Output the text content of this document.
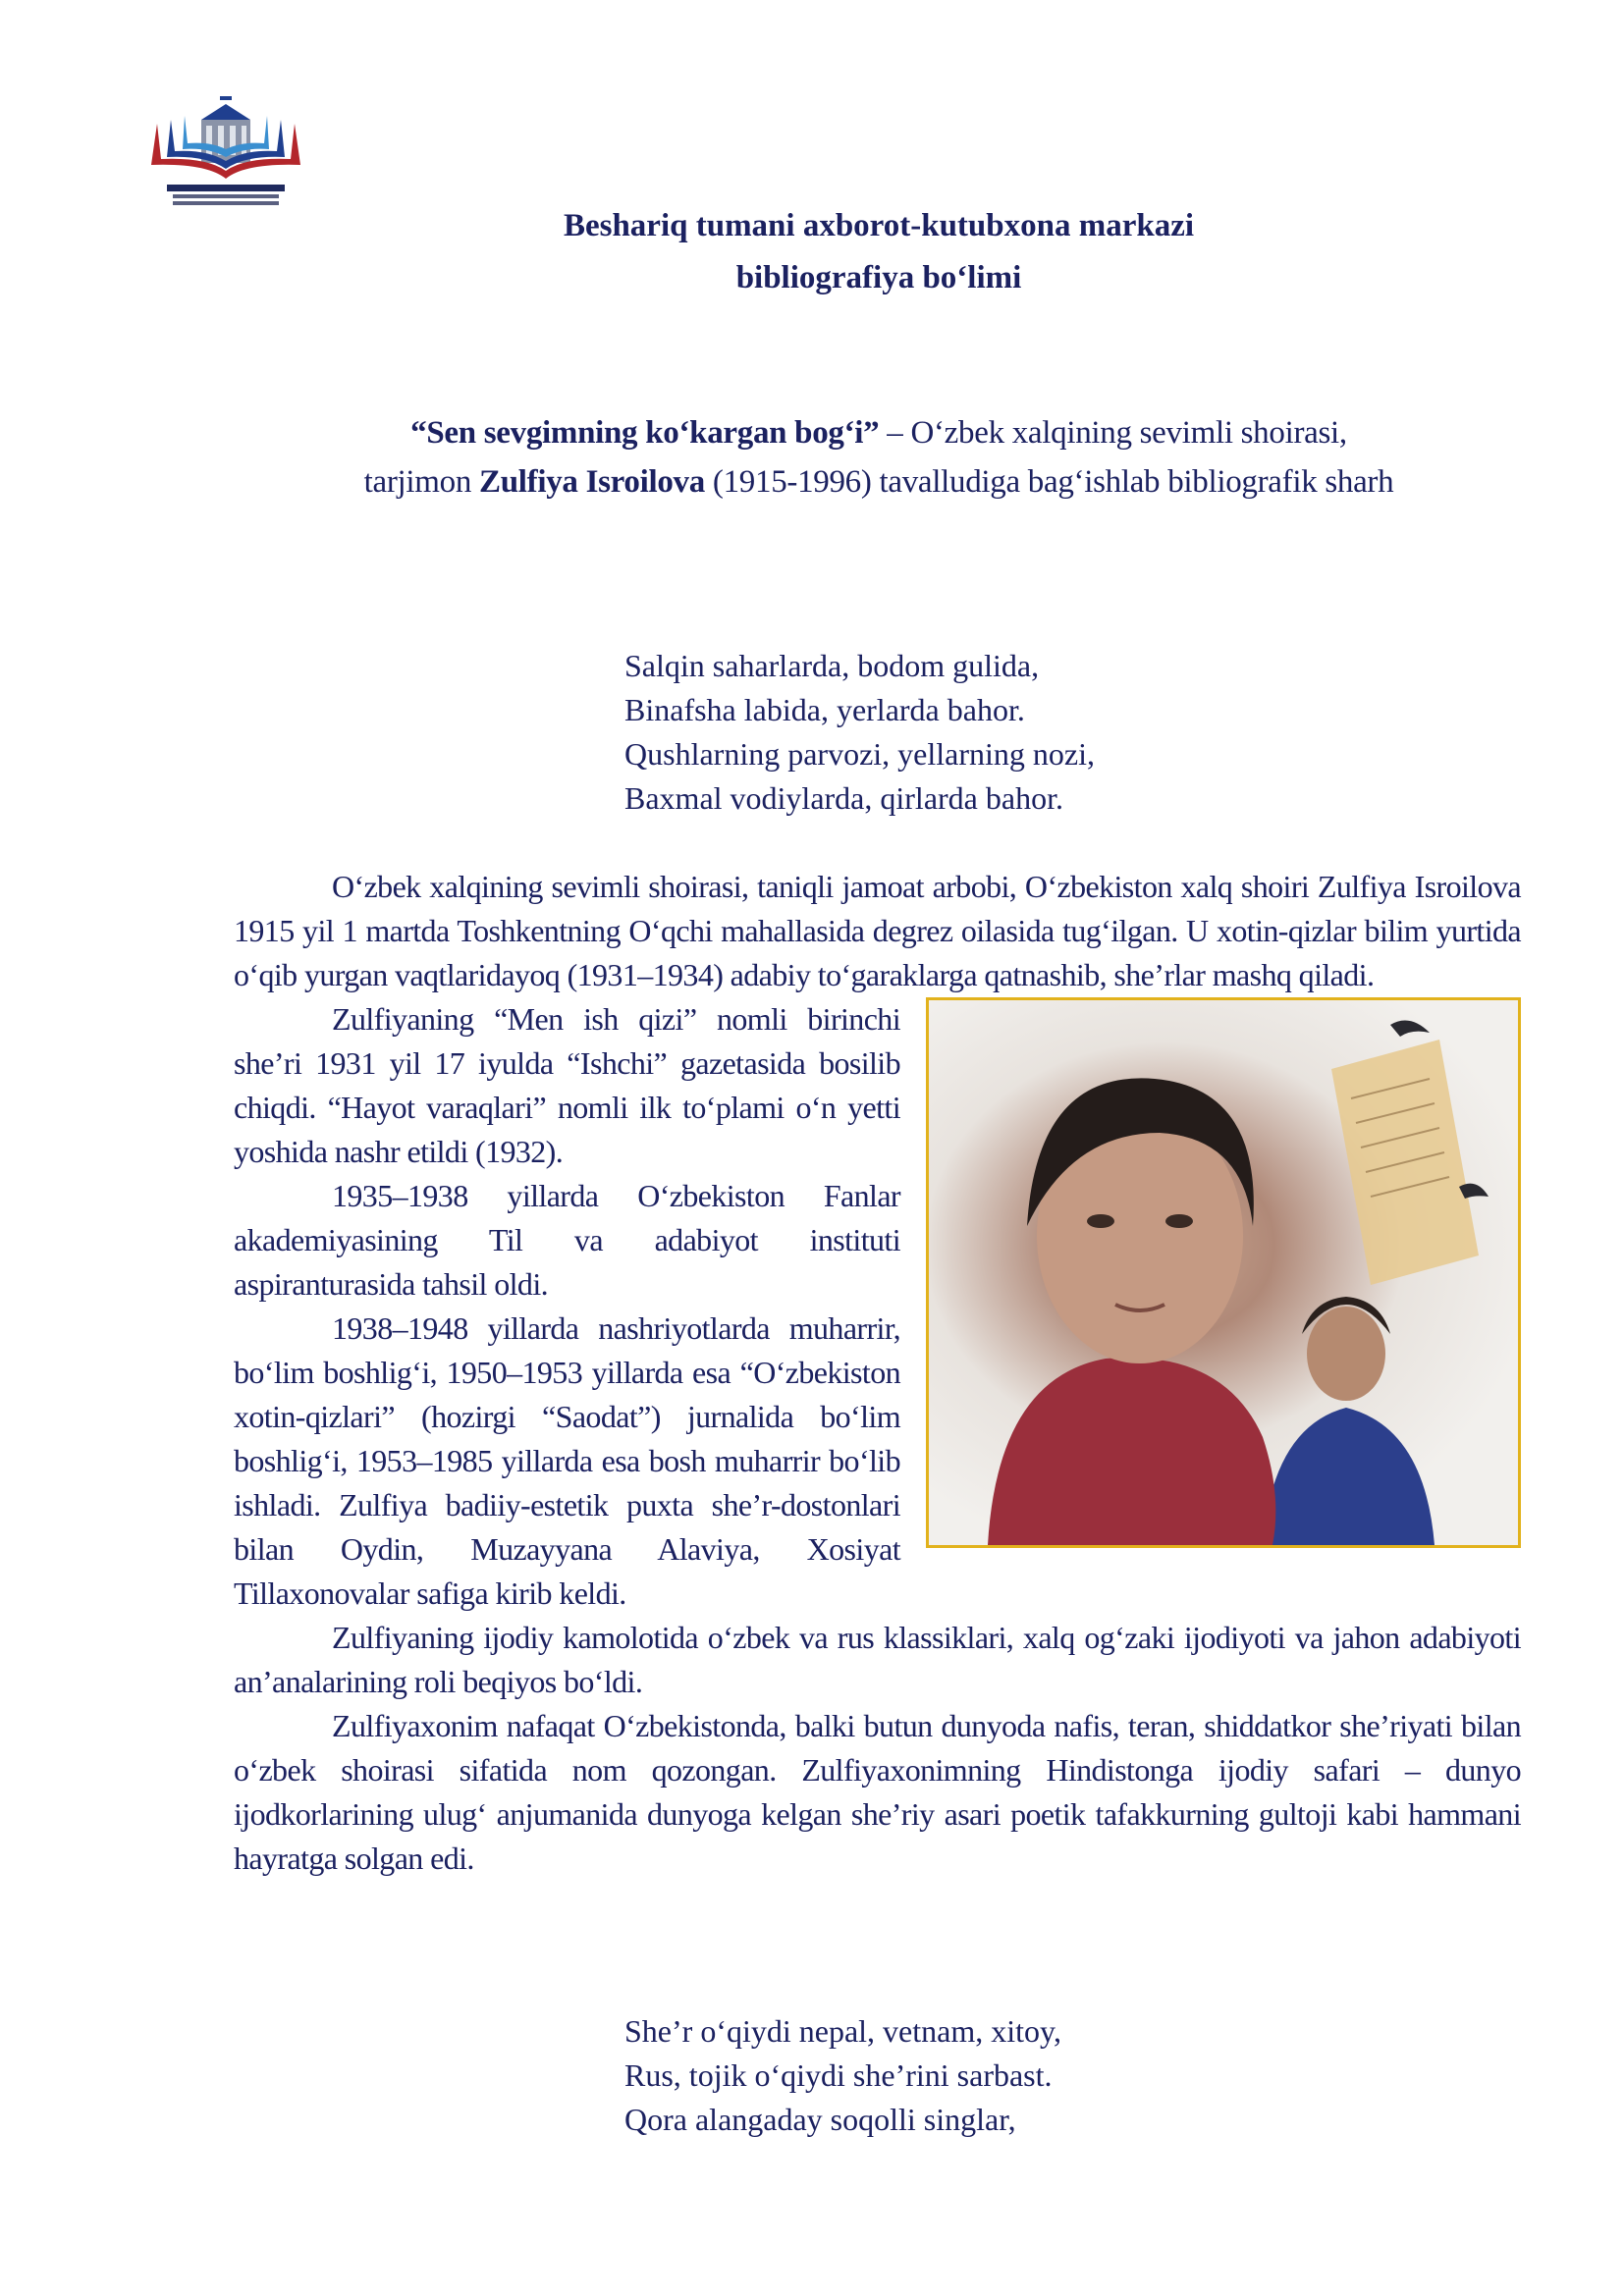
Beshariq tumani axborot-kutubxona markazi
bibliografiya bo‘limi
“Sen sevgimning ko‘kargan bog‘i” – O‘zbek xalqining sevimli shoirasi,
tarjimon Zulfiya Isroilova (1915-1996) tavalludiga bag‘ishlab bibliografik sharh
Salqin saharlarda, bodom gulida,
Binafsha labida, yerlarda bahor.
Qushlarning parvozi, yellarning nozi,
Baxmal vodiylarda, qirlarda bahor.

O‘zbek xalqining sevimli shoirasi, taniqli jamoat arbobi, O‘zbekiston xalq shoiri Zulfiya Isroilova 1915 yil 1 martda Toshkentning O‘qchi mahallasida degrez oilasida tug‘ilgan. U xotin-qizlar bilim yurtida o‘qib yurgan vaqtlaridayoq (1931–1934) adabiy to‘garaklarga qatnashib, she’rlar mashq qiladi.

Zulfiyaning “Men ish qizi” nomli birinchi she’ri 1931 yil 17 iyulda “Ishchi” gazetasida bosilib chiqdi. “Hayot varaqlari” nomli ilk to‘plami o‘n yetti yoshida nashr etildi (1932).

1935–1938 yillarda O‘zbekiston Fanlar akademiyasining Til va adabiyot instituti aspiranturasida tahsil oldi.

1938–1948 yillarda nashriyotlarda muharrir, bo‘lim boshlig‘i, 1950–1953 yillarda esa “O‘zbekiston xotin-qizlari” (hozirgi “Saodat”) jurnalida bo‘lim boshlig‘i, 1953–1985 yillarda esa bosh muharrir bo‘lib ishladi. Zulfiya badiiy-estetik puxta she’r-dostonlari bilan Oydin, Muzayyana Alaviya, Xosiyat Tillaxonovalar safiga kirib keldi.

Zulfiyaning ijodiy kamolotida o‘zbek va rus klassiklari, xalq og‘zaki ijodiyoti va jahon adabiyoti an’analarining roli beqiyos bo‘ldi.

Zulfiyaxonim nafaqat O‘zbekistonda, balki butun dunyoda nafis, teran, shiddatkor she’riyati bilan o‘zbek shoirasi sifatida nom qozongan. Zulfiyaxonimning Hindistonga ijodiy safari – dunyo ijodkorlarining ulug‘ anjumanida dunyoga kelgan she’riy asari poetik tafakkurning gultoji kabi hammani hayratga solgan edi.

She’r o‘qiydi nepal, vetnam, xitoy,
Rus, tojik o‘qiydi she’rini sarbast.
Qora alangaday soqolli singlar,
